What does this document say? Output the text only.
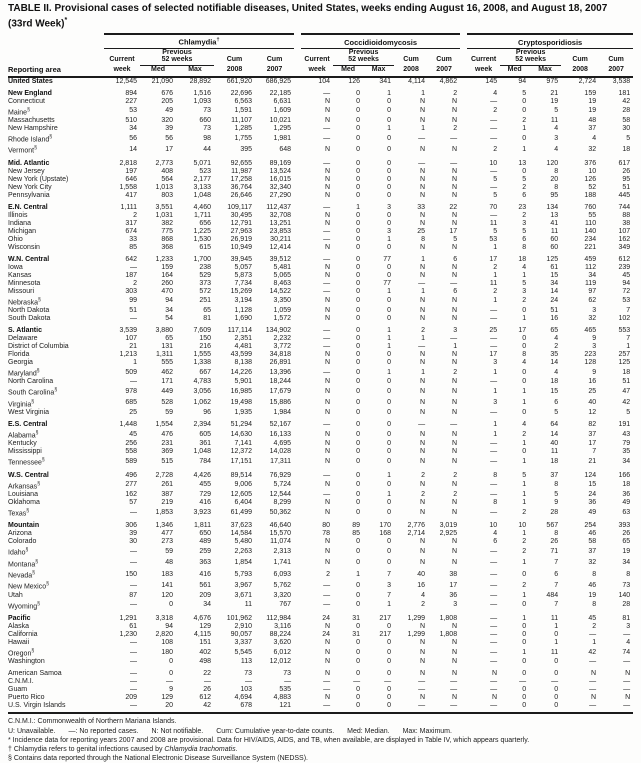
TABLE II. Provisional cases of selected notifiable diseases, United States, weeks ending August 16, 2008, and August 18, 2007
(33rd Week)*
	Chlamydia†						Coccidioidomycosis						Cryptosporidiosis				
	Current	Previous
52 weeks		Cum	Cum		Current	Previous
52 weeks		Cum	Cum		Current	Previous
52 weeks		Cum	Cum
Reporting area	week	Med	Max	2008	2007		week	Med	Max	2008	2007		week	Med	Max	2008	2007
United States	12,545	21,090	28,892	661,920	686,925		104	126	341	4,114	4,862		145	94	975	2,724	3,538
New England	894	676	1,516	22,696	22,185		—	0	1	1	2		4	5	21	159	181
Connecticut	227	205	1,093	6,563	6,631		N	0	0	N	N		—	0	19	19	42
Maine§	53	49	73	1,591	1,609		N	0	0	N	N		2	0	5	19	28
Massachusetts	510	320	660	11,107	10,021		N	0	0	N	N		—	2	11	48	58
New Hampshire	34	39	73	1,285	1,295		—	0	1	1	2		—	1	4	37	30
Rhode Island§	56	56	98	1,755	1,981		—	0	0	—	—		—	0	3	4	5
Vermont§	14	17	44	395	648		N	0	0	N	N		2	1	4	32	18
Mid. Atlantic	2,818	2,773	5,071	92,655	89,169		—	0	0	—	—		10	13	120	376	617
New Jersey	197	408	523	11,987	13,524		N	0	0	N	N		—	0	8	10	26
New York (Upstate)	646	564	2,177	17,258	16,015		N	0	0	N	N		5	5	20	126	95
New York City	1,558	1,013	3,133	36,764	32,340		N	0	0	N	N		—	2	8	52	51
Pennsylvania	417	803	1,048	26,646	27,290		N	0	0	N	N		5	6	95	188	445
E.N. Central	1,111	3,551	4,460	109,117	112,437		—	1	3	33	22		70	23	134	760	744
Illinois	2	1,031	1,711	30,495	32,708		N	0	0	N	N		—	2	13	55	88
Indiana	317	382	656	12,791	13,251		N	0	0	N	N		11	3	41	110	38
Michigan	674	775	1,225	27,963	23,853		—	0	3	25	17		5	5	11	140	107
Ohio	33	868	1,530	26,919	30,211		—	0	1	8	5		53	6	60	234	162
Wisconsin	85	368	615	10,949	12,414		N	0	0	N	N		1	8	60	221	349
W.N. Central	642	1,233	1,700	39,945	39,512		—	0	77	1	6		17	18	125	459	612
Iowa	—	159	238	5,057	5,481		N	0	0	N	N		2	4	61	112	239
Kansas	187	164	529	5,873	5,065		N	0	0	N	N		1	1	15	34	45
Minnesota	2	260	373	7,734	8,463		—	0	77	—	—		11	5	34	119	94
Missouri	303	470	572	15,269	14,522		—	0	1	1	6		2	3	14	97	72
Nebraska§	99	94	251	3,194	3,350		N	0	0	N	N		1	2	24	62	53
North Dakota	51	34	65	1,128	1,059		N	0	0	N	N		—	0	51	3	7
South Dakota	—	54	81	1,690	1,572		N	0	0	N	N		—	1	16	32	102
S. Atlantic	3,539	3,880	7,609	117,114	134,902		—	0	1	2	3		25	17	65	465	553
Delaware	107	65	150	2,351	2,232		—	0	1	1	—		—	0	4	9	7
District of Columbia	21	131	216	4,481	3,772		—	0	1	—	1		—	0	2	3	1
Florida	1,213	1,311	1,555	43,599	34,818		N	0	0	N	N		17	8	35	223	257
Georgia	1	555	1,338	8,138	26,891		N	0	0	N	N		3	4	14	128	125
Maryland§	509	462	667	14,226	13,396		—	0	1	1	2		1	0	4	9	18
North Carolina	—	171	4,783	5,901	18,244		N	0	0	N	N		—	0	18	16	51
South Carolina§	978	449	3,056	16,985	17,679		N	0	0	N	N		1	1	15	25	47
Virginia§	685	528	1,062	19,498	15,886		N	0	0	N	N		3	1	6	40	42
West Virginia	25	59	96	1,935	1,984		N	0	0	N	N		—	0	5	12	5
E.S. Central	1,448	1,554	2,394	51,294	52,167		—	0	0	—	—		1	4	64	82	191
Alabama§	45	476	605	14,630	16,133		N	0	0	N	N		1	2	14	37	43
Kentucky	256	231	361	7,141	4,695		N	0	0	N	N		—	1	40	17	79
Mississippi	558	369	1,048	12,372	14,028		N	0	0	N	N		—	0	11	7	35
Tennessee§	589	515	784	17,151	17,311		N	0	0	N	N		—	1	18	21	34
W.S. Central	496	2,728	4,426	89,514	76,929		—	0	1	2	2		8	5	37	124	166
Arkansas§	277	261	455	9,006	5,724		N	0	0	N	N		—	1	8	15	18
Louisiana	162	387	729	12,605	12,544		—	0	1	2	2		—	1	5	24	36
Oklahoma	57	219	416	6,404	8,299		N	0	0	N	N		8	1	9	36	49
Texas§	—	1,853	3,923	61,499	50,362		N	0	0	N	N		—	2	28	49	63
Mountain	306	1,346	1,811	37,623	46,640		80	89	170	2,776	3,019		10	10	567	254	393
Arizona	39	477	650	14,584	15,570		78	85	168	2,714	2,925		4	1	8	46	26
Colorado	30	273	489	5,480	11,074		N	0	0	N	N		6	2	26	58	65
Idaho§	—	59	259	2,263	2,313		N	0	0	N	N		—	2	71	37	19
Montana§	—	48	363	1,854	1,741		N	0	0	N	N		—	1	7	32	34
Nevada§	150	183	416	5,793	6,093		2	1	7	40	38		—	0	6	8	8
New Mexico§	—	141	561	3,967	5,762		—	0	3	16	17		—	2	7	46	73
Utah	87	120	209	3,671	3,320		—	0	7	4	36		—	1	484	19	140
Wyoming§	—	0	34	11	767		—	0	1	2	3		—	0	7	8	28
Pacific	1,291	3,318	4,676	101,962	112,984		24	31	217	1,299	1,808		—	1	11	45	81
Alaska	61	94	129	2,910	3,116		N	0	0	N	N		—	0	1	2	3
California	1,230	2,820	4,115	90,057	88,224		24	31	217	1,299	1,808		—	0	0	—	—
Hawaii	—	108	151	3,337	3,620		N	0	0	N	N		—	0	1	1	4
Oregon§	—	180	402	5,545	6,012		N	0	0	N	N		—	1	11	42	74
Washington	—	0	498	113	12,012		N	0	0	N	N		—	0	0	—	—
American Samoa	—	0	22	73	73		N	0	0	N	N		N	0	0	N	N
C.N.M.I.	—	—	—	—	—		—	—	—	—	—		—	—	—	—	—
Guam	—	9	26	103	535		—	0	0	—	—		—	0	0	—	—
Puerto Rico	209	129	612	4,694	4,883		N	0	0	N	N		N	0	0	N	N
U.S. Virgin Islands	—	20	42	678	121		—	0	0	—	—		—	0	0	—	—
C.N.M.I.: Commonwealth of Northern Mariana Islands.
U: Unavailable. —: No reported cases. N: Not notifiable. Cum: Cumulative year-to-date counts. Med: Median. Max: Maximum.
* Incidence data for reporting years 2007 and 2008 are provisional. Data for HIV/AIDS, AIDS, and TB, when available, are displayed in Table IV, which appears quarterly.
† Chlamydia refers to genital infections caused by Chlamydia trachomatis.
§ Contains data reported through the National Electronic Disease Surveillance System (NEDSS).
